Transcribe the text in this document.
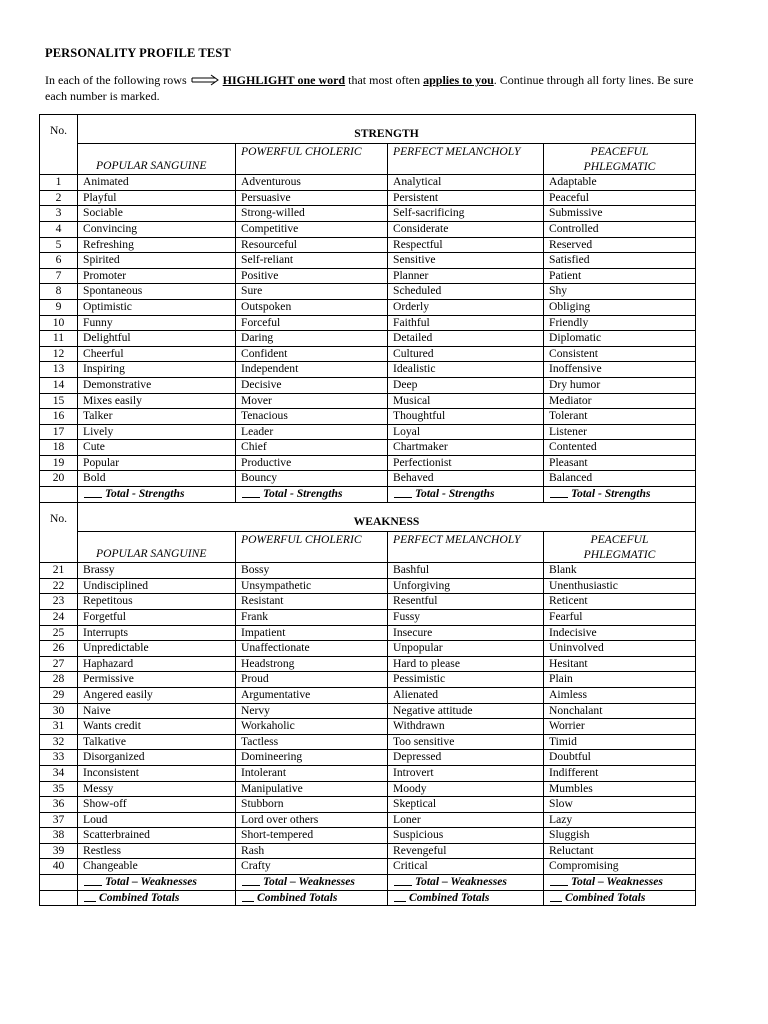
PERSONALITY PROFILE TEST
In each of the following rows	HIGHLIGHT one word that most often applies to you. Continue through all forty lines. Be sure each number is marked.
No.	STRENGTH			
	POPULAR SANGUINE	POWERFUL CHOLERIC	PERFECT MELANCHOLY	PEACEFUL PHLEGMATIC

1	Animated	Adventurous	Analytical	Adaptable
2	Playful	Persuasive	Persistent	Peaceful
3	Sociable	Strong-willed	Self-sacrificing	Submissive
4	Convincing	Competitive	Considerate	Controlled
5	Refreshing	Resourceful	Respectful	Reserved
6	Spirited	Self-reliant	Sensitive	Satisfied
7	Promoter	Positive	Planner	Patient
8	Spontaneous	Sure	Scheduled	Shy
9	Optimistic	Outspoken	Orderly	Obliging
10	Funny	Forceful	Faithful	Friendly
11	Delightful	Daring	Detailed	Diplomatic
12	Cheerful	Confident	Cultured	Consistent
13	Inspiring	Independent	Idealistic	Inoffensive
14	Demonstrative	Decisive	Deep	Dry humor
15	Mixes easily	Mover	Musical	Mediator
16	Talker	Tenacious	Thoughtful	Tolerant
17	Lively	Leader	Loyal	Listener
18	Cute	Chief	Chartmaker	Contented
19	Popular	Productive	Perfectionist	Pleasant
20	Bold	Bouncy	Behaved	Balanced
	Total - Strengths	Total - Strengths	Total - Strengths	Total - Strengths
No.	WEAKNESS			
	POPULAR SANGUINE	POWERFUL CHOLERIC	PERFECT MELANCHOLY	PEACEFUL PHLEGMATIC

21	Brassy	Bossy	Bashful	Blank
22	Undisciplined	Unsympathetic	Unforgiving	Unenthusiastic
23	Repetitous	Resistant	Resentful	Reticent
24	Forgetful	Frank	Fussy	Fearful
25	Interrupts	Impatient	Insecure	Indecisive
26	Unpredictable	Unaffectionate	Unpopular	Uninvolved
27	Haphazard	Headstrong	Hard to please	Hesitant
28	Permissive	Proud	Pessimistic	Plain
29	Angered easily	Argumentative	Alienated	Aimless
30	Naive	Nervy	Negative attitude	Nonchalant
31	Wants credit	Workaholic	Withdrawn	Worrier
32	Talkative	Tactless	Too sensitive	Timid
33	Disorganized	Domineering	Depressed	Doubtful
34	Inconsistent	Intolerant	Introvert	Indifferent
35	Messy	Manipulative	Moody	Mumbles
36	Show-off	Stubborn	Skeptical	Slow
37	Loud	Lord over others	Loner	Lazy
38	Scatterbrained	Short-tempered	Suspicious	Sluggish
39	Restless	Rash	Revengeful	Reluctant
40	Changeable	Crafty	Critical	Compromising
	Total – Weaknesses	Total – Weaknesses	Total – Weaknesses	Total – Weaknesses
	Combined Totals	Combined Totals	Combined Totals	Combined Totals
